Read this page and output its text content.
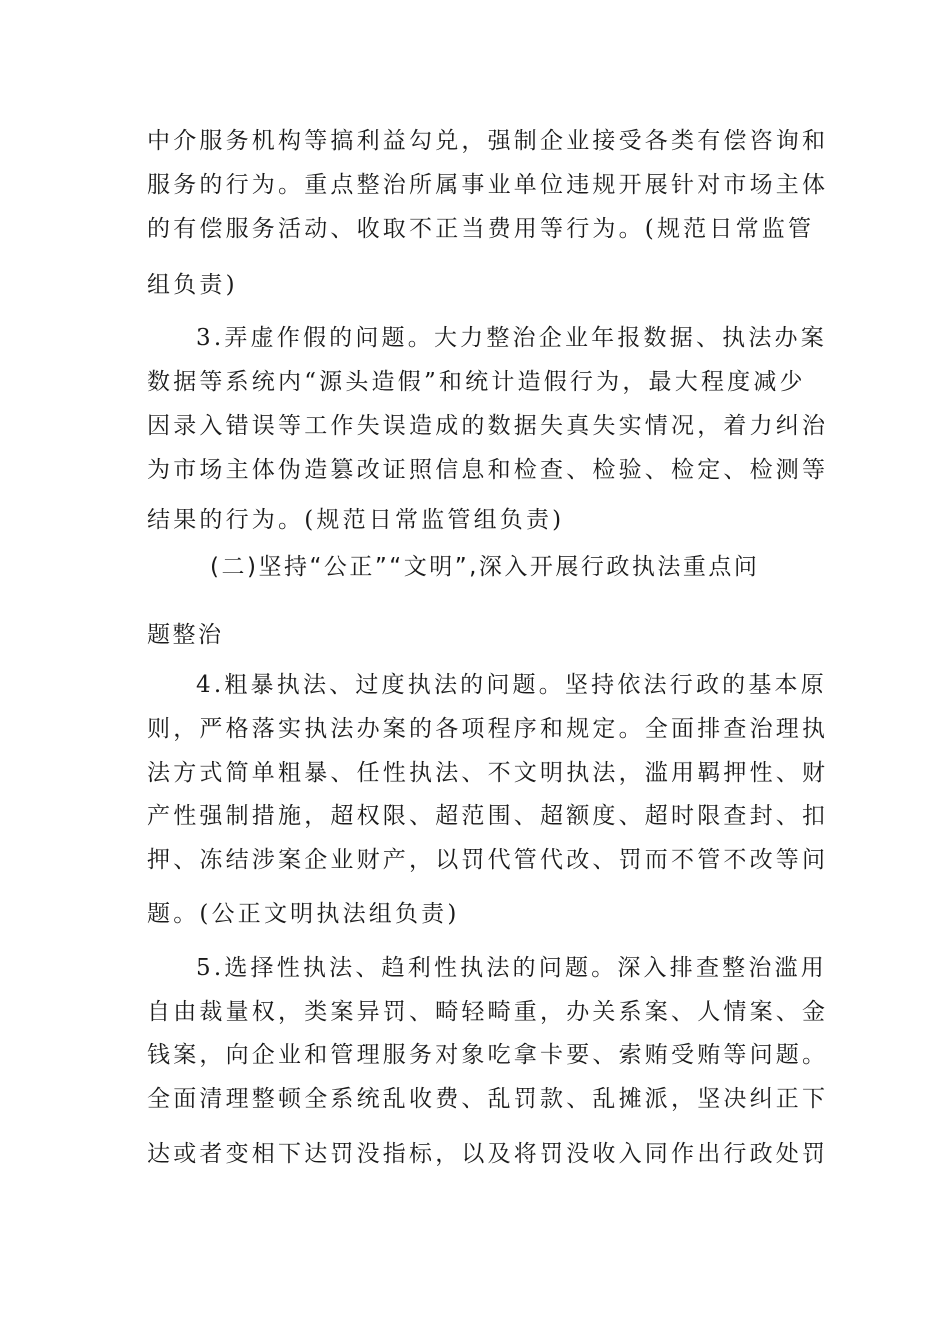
中介服务机构等搞利益勾兑，强制企业接受各类有偿咨询和
服务的行为。重点整治所属事业单位违规开展针对市场主体
的有偿服务活动、收取不正当费用等行为。(规范日常监管
组负责)
3.弄虚作假的问题。大力整治企业年报数据、执法办案
数据等系统内“源头造假”和统计造假行为，最大程度减少
因录入错误等工作失误造成的数据失真失实情况，着力纠治
为市场主体伪造篡改证照信息和检查、检验、检定、检测等
结果的行为。(规范日常监管组负责)
(二)坚持“公正”“文明”,深入开展行政执法重点问
题整治
4.粗暴执法、过度执法的问题。坚持依法行政的基本原
则，严格落实执法办案的各项程序和规定。全面排查治理执
法方式简单粗暴、任性执法、不文明执法，滥用羁押性、财
产性强制措施，超权限、超范围、超额度、超时限查封、扣
押、冻结涉案企业财产，以罚代管代改、罚而不管不改等问
题。(公正文明执法组负责)
5.选择性执法、趋利性执法的问题。深入排查整治滥用
自由裁量权，类案异罚、畸轻畸重，办关系案、人情案、金
钱案，向企业和管理服务对象吃拿卡要、索贿受贿等问题。
全面清理整顿全系统乱收费、乱罚款、乱摊派，坚决纠正下
达或者变相下达罚没指标，以及将罚没收入同作出行政处罚
